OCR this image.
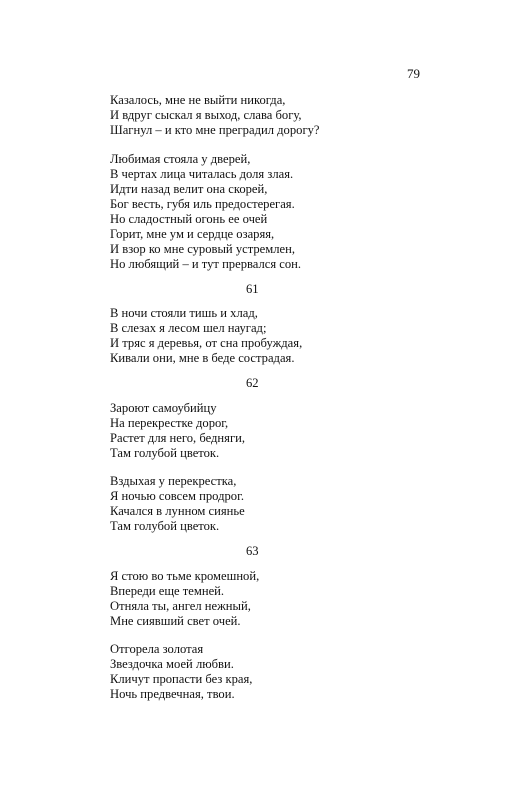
79
Казалось, мне не выйти никогда,
И вдруг сыскал я выход, слава богу,
Шагнул – и кто мне преградил дорогу?
Любимая стояла у дверей,
В чертах лица читалась доля злая.
Идти назад велит она скорей,
Бог весть, губя иль предостерегая.
Но сладостный огонь ее очей
Горит, мне ум и сердце озаряя,
И взор ко мне суровый устремлен,
Но любящий – и тут прервался сон.
61
В ночи стояли тишь и хлад,
В слезах я лесом шел наугад;
И тряс я деревья, от сна пробуждая,
Кивали они, мне в беде сострадая.
62
Зароют самоубийцу
На перекрестке дорог,
Растет для него, бедняги,
Там голубой цветок.
Вздыхая у перекрестка,
Я ночью совсем продрог.
Качался в лунном сиянье
Там голубой цветок.
63
Я стою во тьме кромешной,
Впереди еще темней.
Отняла ты, ангел нежный,
Мне сиявший свет очей.
Отгорела золотая
Звездочка моей любви.
Кличут пропасти без края,
Ночь предвечная, твои.
